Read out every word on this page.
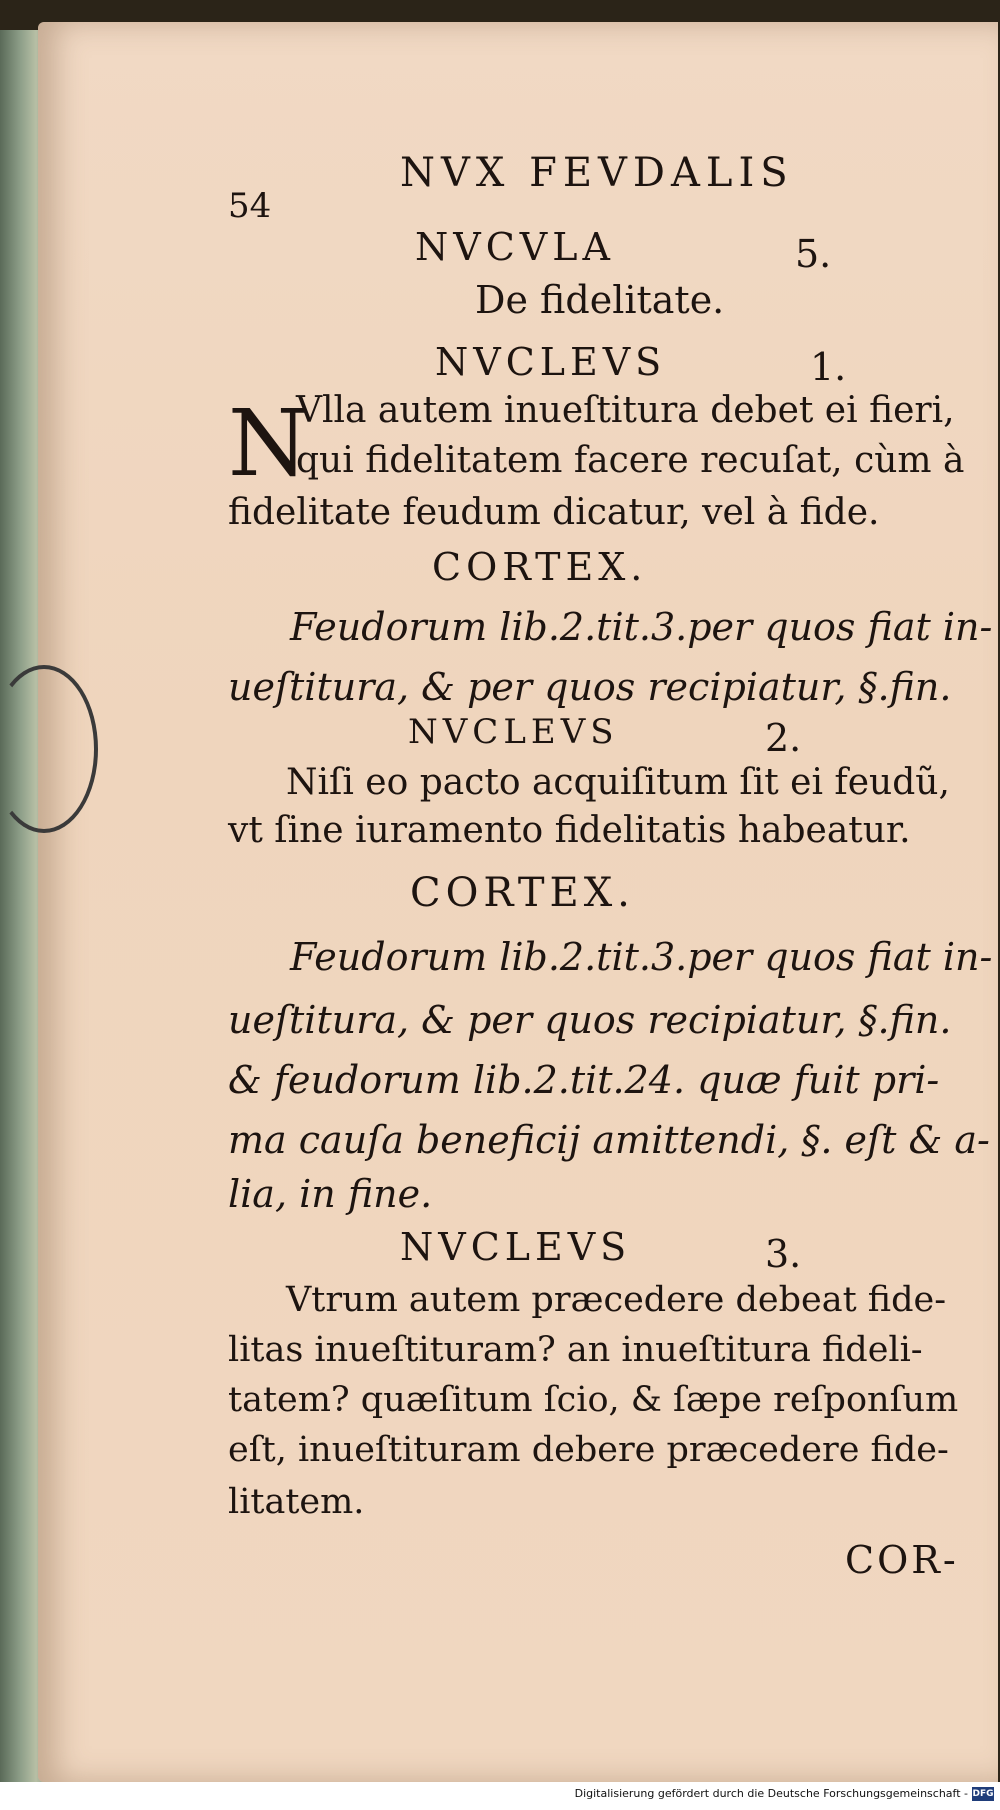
54
NVX FEVDALIS
NVCVLA	5.
De fidelitate.
NVCLEVS	1.
N
Vlla autem inueſtitura debet ei fieri,
qui fidelitatem facere recuſat, cùm à
fidelitate feudum dicatur, vel à fide.
CORTEX.
Feudorum lib.2.tit.3.per quos fiat in-
ueſtitura, & per quos recipiatur, §.fin.
NVCLEVS	2.
Niſi eo pacto acquiſitum ſit ei feudũ,
vt ſine iuramento fidelitatis habeatur.
CORTEX.
Feudorum lib.2.tit.3.per quos fiat in-
ueſtitura, & per quos recipiatur, §.fin.
& feudorum lib.2.tit.24. quæ fuit pri-
ma cauſa beneficij amittendi, §. eſt & a-
lia, in fine.
NVCLEVS	3.
Vtrum autem præcedere debeat fide-
litas inueſtituram? an inueſtitura fideli-
tatem? quæſitum ſcio, & ſæpe reſponſum
eſt, inueſtituram debere præcedere fide-
litatem.
COR-
Digitalisierung gefördert durch die Deutsche Forschungsgemeinschaft - DFG
